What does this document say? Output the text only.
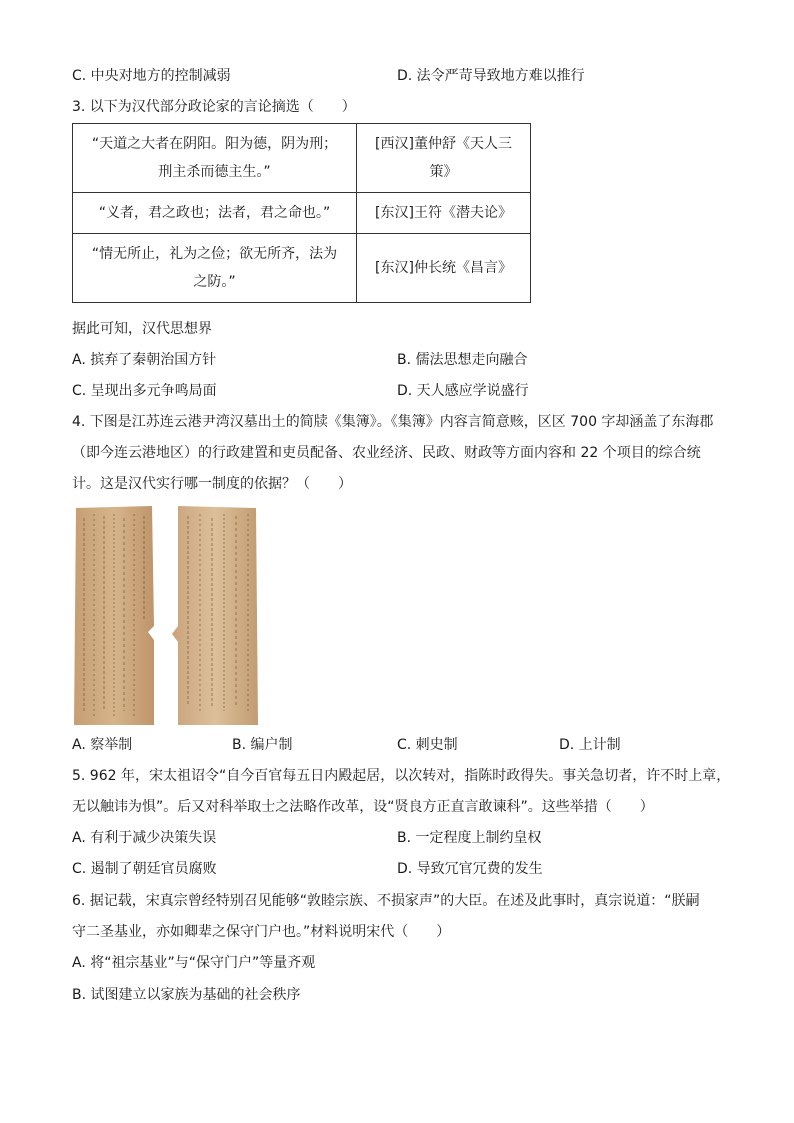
C. 中央对地方的控制减弱	D. 法令严苛导致地方难以推行
3. 以下为汉代部分政论家的言论摘选（　　）
“天道之大者在阴阳。阳为德，阴为刑；刑主杀而德主生。”	[西汉]董仲舒《天人三策》
“义者，君之政也；法者，君之命也。”	[东汉]王符《潜夫论》
“情无所止，礼为之俭；欲无所齐，法为之防。”	[东汉]仲长统《昌言》
据此可知，汉代思想界
A. 摈弃了秦朝治国方针	B. 儒法思想走向融合
C. 呈现出多元争鸣局面	D. 天人感应学说盛行
4. 下图是江苏连云港尹湾汉墓出土的简牍《集簿》。《集簿》内容言简意赅，区区 700 字却涵盖了东海郡
（即今连云港地区）的行政建置和吏员配备、农业经济、民政、财政等方面内容和 22 个项目的综合统
计。这是汉代实行哪一制度的依据？（　　）
A. 察举制	B. 编户制	C. 刺史制	D. 上计制
5. 962 年，宋太祖诏令“自今百官每五日内殿起居，以次转对，指陈时政得失。事关急切者，许不时上章，
无以触讳为惧”。后又对科举取士之法略作改革，设“贤良方正直言敢谏科”。这些举措（　　）
A. 有利于减少决策失误	B. 一定程度上制约皇权
C. 遏制了朝廷官员腐败	D. 导致冗官冗费的发生
6. 据记载，宋真宗曾经特别召见能够“敦睦宗族、不损家声”的大臣。在述及此事时，真宗说道：“朕嗣
守二圣基业，亦如卿辈之保守门户也。”材料说明宋代（　　）
A. 将“祖宗基业”与“保守门户”等量齐观
B. 试图建立以家族为基础的社会秩序
